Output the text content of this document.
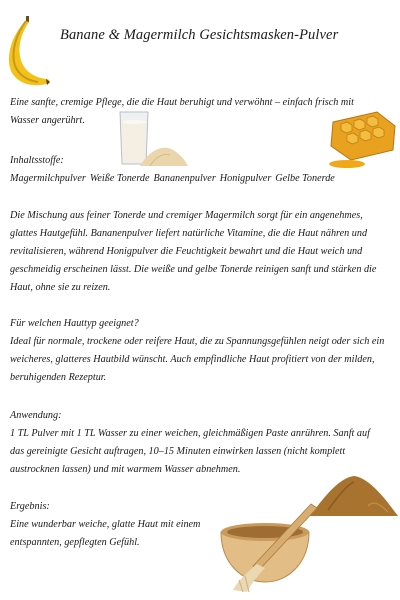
Banane & Magermilch Gesichtsmasken-Pulver

Eine sanfte, cremige Pflege, die die Haut beruhigt und verwöhnt – einfach frisch mit Wasser angerührt.

Inhaltsstoffe:

Magermilchpulver Weiße Tonerde Bananenpulver Honigpulver Gelbe Tonerde

Die Mischung aus feiner Tonerde und cremiger Magermilch sorgt für ein angenehmes, glattes Hautgefühl. Bananenpulver liefert natürliche Vitamine, die die Haut nähren und revitalisieren, während Honigpulver die Feuchtigkeit bewahrt und die Haut weich und geschmeidig erscheinen lässt. Die weiße und gelbe Tonerde reinigen sanft und stärken die Haut, ohne sie zu reizen.

Für welchen Hauttyp geeignet?

Ideal für normale, trockene oder reifere Haut, die zu Spannungsgefühlen neigt oder sich ein weicheres, glatteres Hautbild wünscht. Auch empfindliche Haut profitiert von der milden, beruhigenden Rezeptur.

Anwendung:

1 TL Pulver mit 1 TL Wasser zu einer weichen, gleichmäßigen Paste anrühren. Sanft auf das gereinigte Gesicht auftragen, 10–15 Minuten einwirken lassen (nicht komplett austrocknen lassen) und mit warmem Wasser abnehmen.

Ergebnis:

Eine wunderbar weiche, glatte Haut mit einem entspannten, gepflegten Gefühl.
